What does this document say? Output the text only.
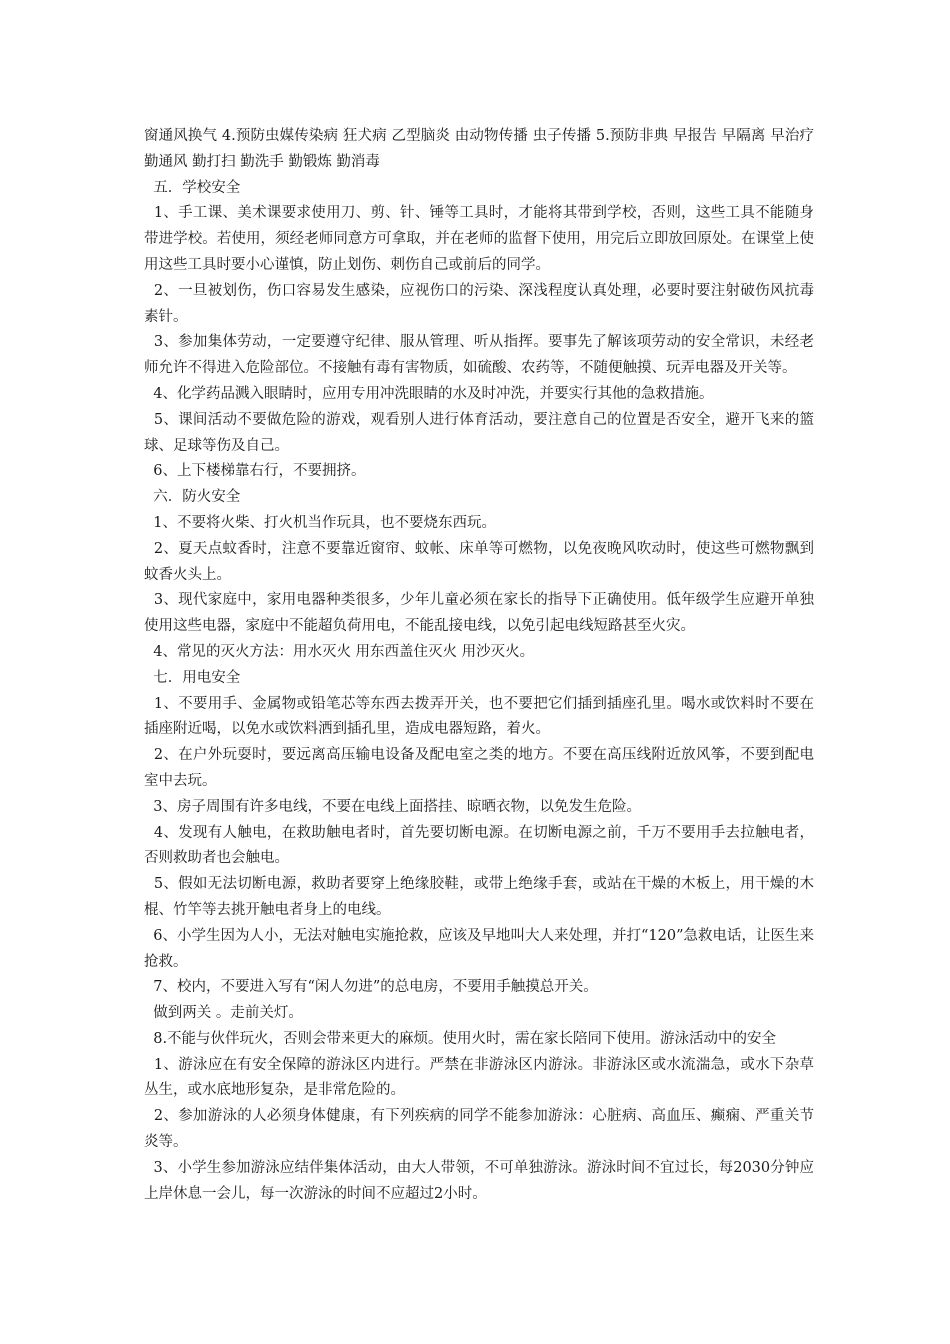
窗通风换气 4.预防虫媒传染病 狂犬病 乙型脑炎 由动物传播 虫子传播 5.预防非典 早报告 早隔离 早治疗 勤通风 勤打扫 勤洗手 勤锻炼 勤消毒

五．学校安全

1、手工课、美术课要求使用刀、剪、针、锤等工具时，才能将其带到学校，否则，这些工具不能随身带进学校。若使用，须经老师同意方可拿取，并在老师的监督下使用，用完后立即放回原处。在课堂上使用这些工具时要小心谨慎，防止划伤、刺伤自己或前后的同学。

2、一旦被划伤，伤口容易发生感染，应视伤口的污染、深浅程度认真处理，必要时要注射破伤风抗毒素针。

3、参加集体劳动，一定要遵守纪律、服从管理、听从指挥。要事先了解该项劳动的安全常识，未经老师允许不得进入危险部位。不接触有毒有害物质，如硫酸、农药等，不随便触摸、玩弄电器及开关等。

4、化学药品溅入眼睛时，应用专用冲洗眼睛的水及时冲洗，并要实行其他的急救措施。

5、课间活动不要做危险的游戏，观看别人进行体育活动，要注意自己的位置是否安全，避开飞来的篮球、足球等伤及自己。

6、上下楼梯靠右行，不要拥挤。

六．防火安全

1、不要将火柴、打火机当作玩具，也不要烧东西玩。

2、夏天点蚊香时，注意不要靠近窗帘、蚊帐、床单等可燃物，以免夜晚风吹动时，使这些可燃物飘到蚊香火头上。

3、现代家庭中，家用电器种类很多，少年儿童必须在家长的指导下正确使用。低年级学生应避开单独使用这些电器，家庭中不能超负荷用电，不能乱接电线，以免引起电线短路甚至火灾。

4、常见的灭火方法：用水灭火 用东西盖住灭火 用沙灭火。

七．用电安全

1、不要用手、金属物或铅笔芯等东西去拨弄开关，也不要把它们插到插座孔里。喝水或饮料时不要在插座附近喝，以免水或饮料洒到插孔里，造成电器短路，着火。

2、在户外玩耍时，要远离高压输电设备及配电室之类的地方。不要在高压线附近放风筝，不要到配电室中去玩。

3、房子周围有许多电线，不要在电线上面搭挂、晾晒衣物，以免发生危险。

4、发现有人触电，在救助触电者时，首先要切断电源。在切断电源之前，千万不要用手去拉触电者，否则救助者也会触电。

5、假如无法切断电源，救助者要穿上绝缘胶鞋，或带上绝缘手套，或站在干燥的木板上，用干燥的木棍、竹竿等去挑开触电者身上的电线。

6、小学生因为人小，无法对触电实施抢救，应该及早地叫大人来处理，并打“120”急救电话，让医生来抢救。

7、校内，不要进入写有“闲人勿进”的总电房，不要用手触摸总开关。

做到两关 。走前关灯。

8.不能与伙伴玩火，否则会带来更大的麻烦。使用火时，需在家长陪同下使用。游泳活动中的安全

1、游泳应在有安全保障的游泳区内进行。严禁在非游泳区内游泳。非游泳区或水流湍急，或水下杂草丛生，或水底地形复杂，是非常危险的。

2、参加游泳的人必须身体健康，有下列疾病的同学不能参加游泳：心脏病、高血压、癫痫、严重关节炎等。

3、小学生参加游泳应结伴集体活动，由大人带领，不可单独游泳。游泳时间不宜过长，每2030分钟应上岸休息一会儿，每一次游泳的时间不应超过2小时。
